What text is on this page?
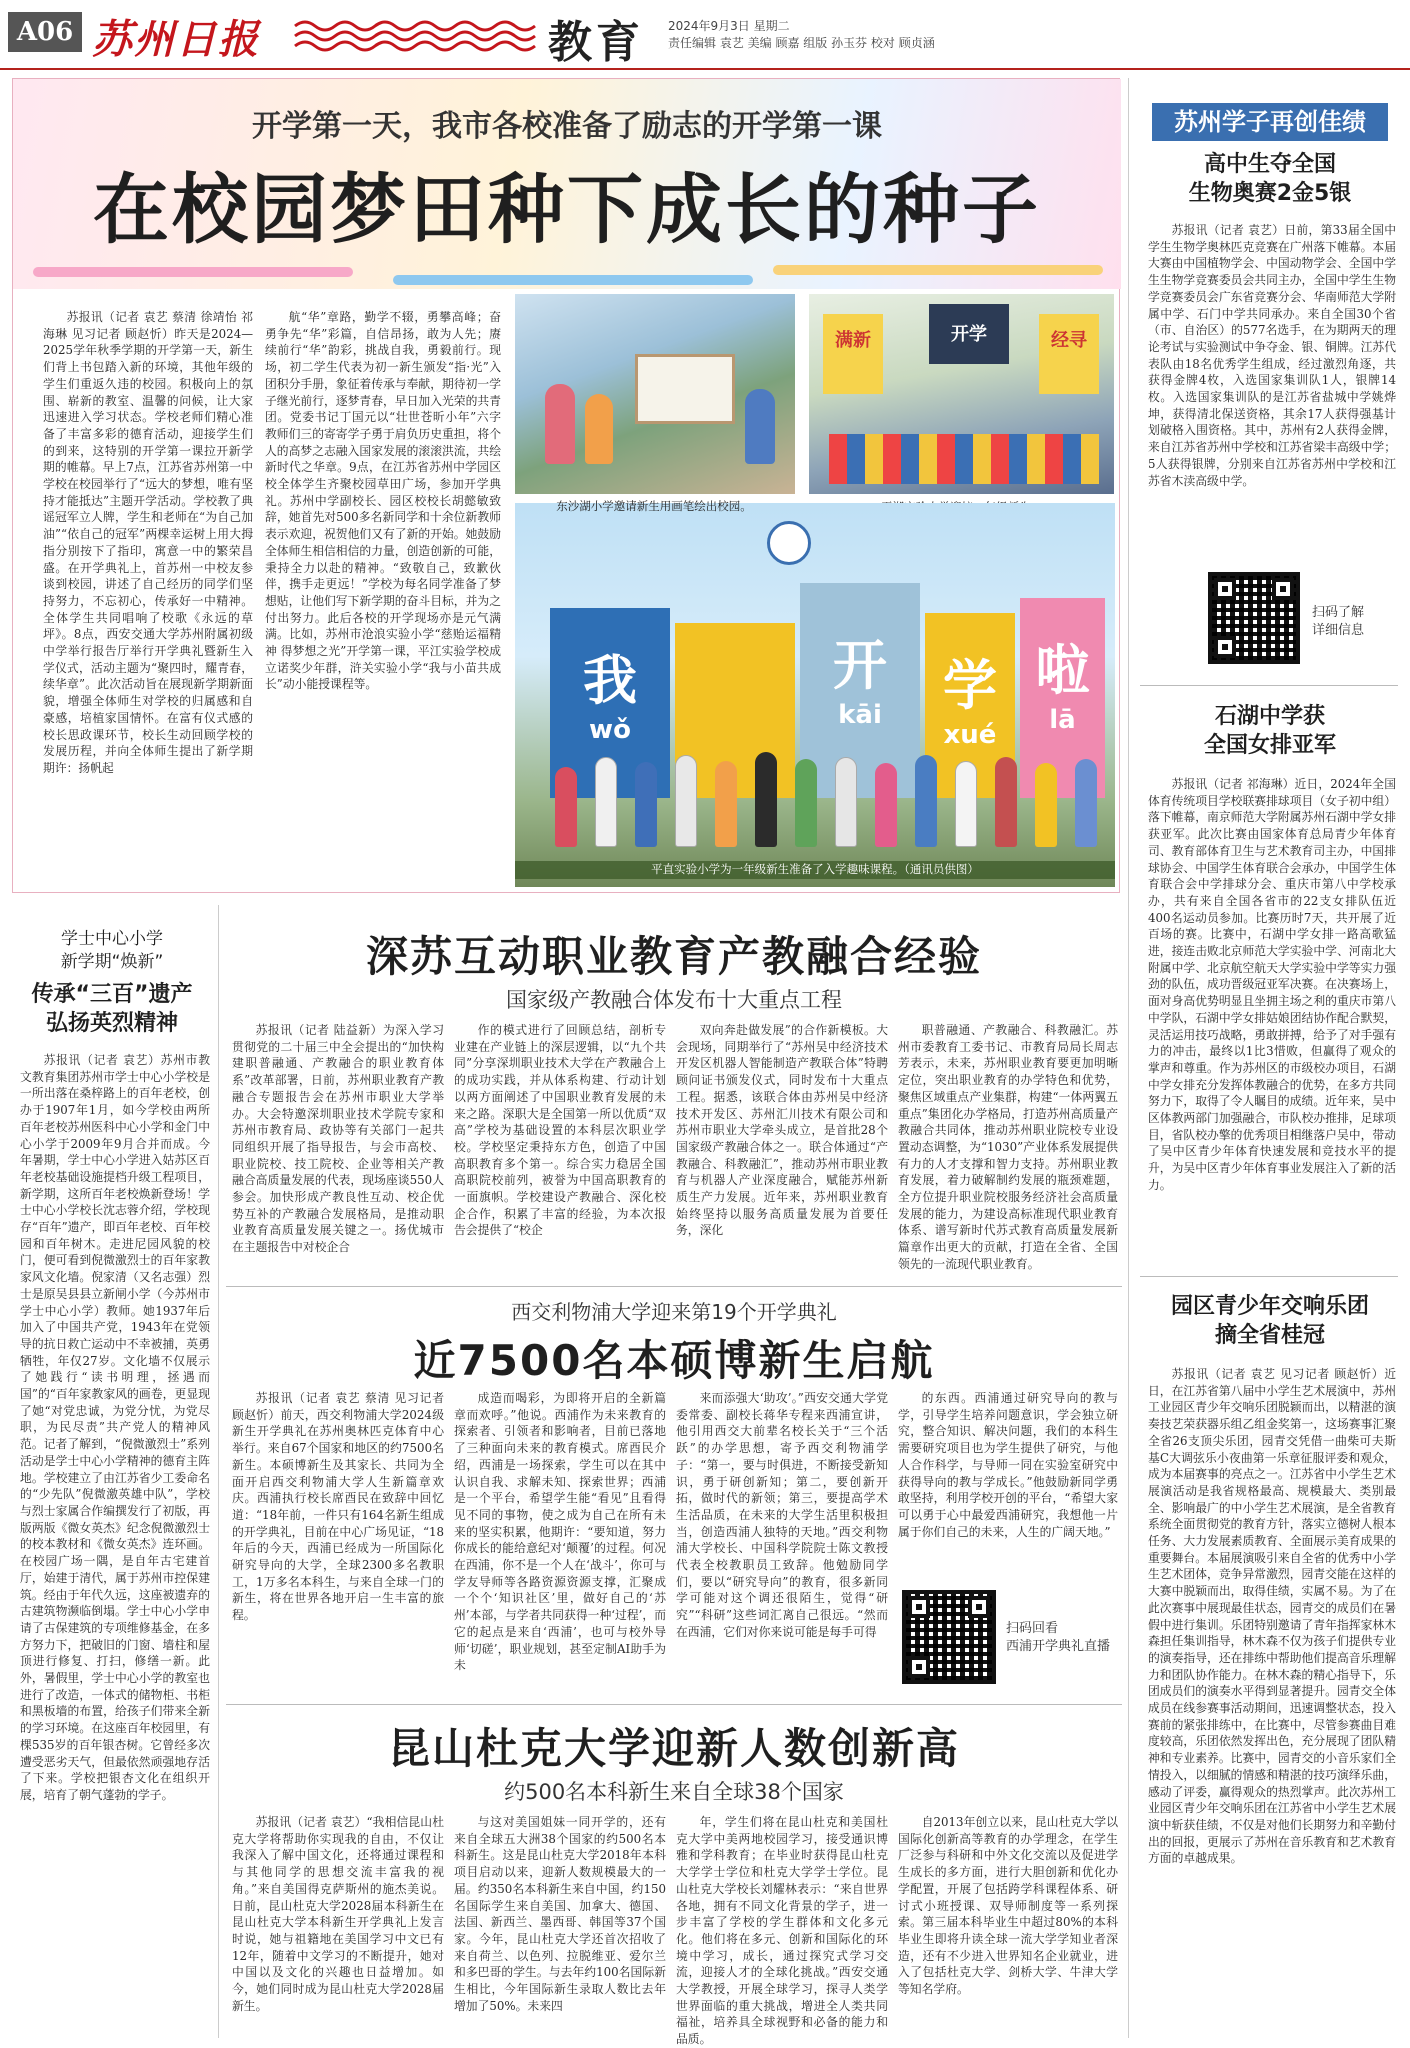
A06 苏州日报	教育 2024年9月3日 星期二
责任编辑 袁艺 美编 顾嘉 组版 孙玉芬 校对 顾贞涵
开学第一天，我市各校准备了励志的开学第一课
在校园梦田种下成长的种子

苏报讯（记者 袁艺 蔡清 徐靖怡 祁海琳 见习记者 顾赵忻）昨天是2024—2025学年秋季学期的开学第一天，新生们背上书包踏入新的环境，其他年级的学生们重返久违的校园。积极向上的氛围、崭新的教室、温馨的问候，让大家迅速进入学习状态。学校老师们精心准备了丰富多彩的德育活动，迎接学生们的到来，这特别的开学第一课拉开新学期的帷幕。早上7点，江苏省苏州第一中学校在校园举行了“远大的梦想，唯有坚持才能抵达”主题开学活动。学校教了典谣冠军立人牌，学生和老师在“为自己加油”“依自己的冠军”两棵幸运树上用大拇指分别按下了指印，寓意一中的繁荣昌盛。在开学典礼上，首苏州一中校友参谈到校园，讲述了自己经历的同学们坚持努力，不忘初心，传承好一中精神。全体学生共同唱响了校歌《永远的草坪》。8点，西安交通大学苏州附属初级中学举行报告厅举行开学典礼暨新生入学仪式，活动主题为“聚四时，耀青春，续华章”。此次活动旨在展现新学期新面貌，增强全体师生对学校的归属感和自豪感，培植家国情怀。在富有仪式感的校长思政课环节，校长生动回顾学校的发展历程，并向全体师生提出了新学期期许：扬帆起

航“华”章路，勤学不辍，勇攀高峰；奋勇争先“华”彩篇，自信昂扬，敢为人先；赓续前行“华”韵彩，挑战自我，勇毅前行。现场，初二学生代表为初一新生颁发“指·光”入团积分手册，象征着传承与奉献，期待初一学子继光前行，逐梦青春，早日加入光荣的共青团。党委书记丁国元以“壮世苍昕小年”六字教师们三的寄寄学子勇于肩负历史重担，将个人的高梦之志融入国家发展的滚滚洪流，共绘新时代之华章。9点，在江苏省苏州中学园区校全体学生齐聚校园草田广场，参加开学典礼。苏州中学副校长、园区校校长胡懿敏致辞，她首先对500多名新同学和十余位新教师表示欢迎，祝贺他们又有了新的开始。她鼓励全体师生相信相信的力量，创造创新的可能，秉持全力以赴的精神。“致敬自己，致歉伙伴，携手走更远！”学校为每名同学准备了梦想贴，让他们写下新学期的奋斗目标，并为之付出努力。此后各校的开学现场亦是元气满满。比如，苏州市沧浪实验小学“慈贻运福精神 得梦想之光”开学第一课，平江实验学校成立诺奖少年群，浒关实验小学“我与小苗共成长”动小能授课程等。

满新	开学	经寻
我
wǒ
开
kāi	学
xué
啦
lā
平直实验小学为一年级新生准备了入学趣味课程。（通讯员供图）
苏州学子再创佳绩
高中生夺全国
生物奥赛2金5银

苏报讯（记者 袁艺）日前，第33届全国中学生生物学奥林匹克竞赛在广州落下帷幕。本届大赛由中国植物学会、中国动物学会、全国中学生生物学竞赛委员会共同主办，全国中学生生物学竞赛委员会广东省竞赛分会、华南师范大学附属中学、石门中学共同承办。来自全国30个省（市、自治区）的577名选手，在为期两天的理论考试与实验测试中争夺金、银、铜牌。江苏代表队由18名优秀学生组成，经过激烈角逐，共获得金牌4枚，入选国家集训队1人，银牌14枚。入选国家集训队的是江苏省盐城中学姚烨坤，获得清北保送资格，其余17人获得强基计划破格入围资格。其中，苏州有2人获得金牌，来自江苏省苏州中学校和江苏省梁丰高级中学；5人获得银牌，分别来自江苏省苏州中学校和江苏省木渎高级中学。

扫码了解
详细信息
石湖中学获
全国女排亚军

苏报讯（记者 祁海琳）近日，2024年全国体育传统项目学校联赛排球项目（女子初中组）落下帷幕，南京师范大学附属苏州石湖中学女排获亚军。此次比赛由国家体育总局青少年体育司、教育部体育卫生与艺术教育司主办，中国排球协会、中国学生体育联合会承办，中国学生体育联合会中学排球分会、重庆市第八中学校承办，共有来自全国各省市的22支女排队伍近400名运动员参加。比赛历时7天，共开展了近百场的赛。比赛中，石湖中学女排一路高歌猛进，接连击败北京师范大学实验中学、河南北大附属中学、北京航空航天大学实验中学等实力强劲的队伍，成功晋级冠亚军决赛。在决赛场上，面对身高优势明显且坐拥主场之利的重庆市第八中学队，石湖中学女排姑娘团结协作配合默契，灵活运用技巧战略，勇敢拼搏，给予了对手强有力的冲击，最终以1比3惜败，但赢得了观众的掌声和尊重。作为苏州区的市级校办项目，石湖中学女排充分发挥体教融合的优势，在多方共同努力下，取得了令人瞩目的成绩。近年来，吴中区体教两部门加强融合，市队校办推排，足球项目，省队校办擎的优秀项目相继落户吴中，带动了吴中区青少年体育快速发展和竞技水平的提升，为吴中区青少年体育事业发展注入了新的活力。

园区青少年交响乐团
摘全省桂冠

苏报讯（记者 袁艺 见习记者 顾赵忻）近日，在江苏省第八届中小学生艺术展演中，苏州工业园区青少年交响乐团脱颖而出，以精湛的演奏技艺荣获器乐组乙组金奖第一，这场赛事汇聚全省26支顶尖乐团，园青交凭借一曲柴可夫斯基C大调弦乐小夜曲第一乐章征服评委和观众，成为本届赛事的亮点之一。江苏省中小学生艺术展演活动是我省规格最高、规模最大、类别最全、影响最广的中小学生艺术展演，是全省教育系统全面贯彻党的教育方针，落实立德树人根本任务、大力发展素质教育、全面展示美育成果的重要舞台。本届展演吸引来自全省的优秀中小学生艺术团体，竞争异常激烈，园青交能在这样的大赛中脱颖而出，取得佳绩，实属不易。为了在此次赛事中展现最佳状态，园青交的成员们在暑假中进行集训。乐团特别邀请了青年指挥家林木森担任集训指导，林木森不仅为孩子们提供专业的演奏指导，还在排练中帮助他们提高音乐理解力和团队协作能力。在林木森的精心指导下，乐团成员们的演奏水平得到显著提升。园青交全体成员在线参赛事活动期间，迅速调整状态，投入赛前的紧张排练中，在比赛中，尽管参赛曲目难度较高，乐团依然发挥出色，充分展现了团队精神和专业素养。比赛中，园青交的小音乐家们全情投入，以细腻的情感和精湛的技巧演绎乐曲，感动了评委，赢得观众的热烈掌声。此次苏州工业园区青少年交响乐团在江苏省中小学生艺术展演中斩获佳绩，不仅是对他们长期努力和辛勤付出的回报，更展示了苏州在音乐教育和艺术教育方面的卓越成果。

学士中心小学
新学期“焕新”
传承“三百”遗产
弘扬英烈精神

苏报讯（记者 袁艺）苏州市教文教育集团苏州市学士中心小学校是一所出落在桑梓路上的百年老校，创办于1907年1月，如今学校由两所百年老校苏州医科中心小学和金门中心小学于2009年9月合并而成。今年暑期，学士中心小学进入姑苏区百年老校基础设施提档升级工程项目，新学期，这所百年老校焕新登场！学士中心小学校长沈志蓉介绍，学校现存“百年”遗产，即百年老校、百年校园和百年树木。走进尼园风貌的校门，便可看到倪微激烈士的百年家教家风文化墙。倪家清（又名志强）烈士是原吴县县立新闸小学（今苏州市学士中心小学）教师。她1937年后加入了中国共产党，1943年在党领导的抗日救亡运动中不幸被捕，英勇牺牲，年仅27岁。文化墙不仅展示了她践行“读书明理，拯遇而国”的“百年家教家风的画卷，更显现了她“对党忠诚，为党分忧，为党尽职，为民尽责”共产党人的精神风范。记者了解到，“倪微激烈士”系列活动是学士中心小学精神的德育主阵地。学校建立了由江苏省少工委命名的“少先队”倪微激英雄中队”，学校与烈士家属合作编撰发行了初版，再版两版《微女英杰》纪念倪微激烈士的校本教材和《微女英杰》连环画。在校园广场一隅，是自年古宅建首厅，始建于清代，属于苏州市控保建筑。经由于年代久远，这座被遗弃的古建筑物濒临倒塌。学士中心小学申请了古保建筑的专项维修基金，在多方努力下，把破旧的门窗、墙柱和屋顶进行修复、打扫，修缮一新。此外，暑假里，学士中心小学的教室也进行了改造，一体式的储物柜、书柜和黑板墙的布置，给孩子们带来全新的学习环境。在这座百年校园里，有棵535岁的百年银杏树。它曾经多次遭受恶劣天气，但最依然顽强地存活了下来。学校把银杏文化在组织开展，培育了朝气蓬勃的学子。

深苏互动职业教育产教融合经验
国家级产教融合体发布十大重点工程

苏报讯（记者 陆益新）为深入学习贯彻党的二十届三中全会提出的“加快构建职普融通、产教融合的职业教育体系”改革部署，日前，苏州职业教育产教融合专题报告会在苏州市职业大学举办。大会特邀深圳职业技术学院专家和苏州市教育局、政协等有关部门一起共同组织开展了指导报告，与会市高校、职业院校、技工院校、企业等相关产教融合高质量发展的代表，现场座谈550人参会。加快形成产教良性互动、校企优势互补的产教融合发展格局，是推动职业教育高质量发展关键之一。扬优城市在主题报告中对校企合

作的模式进行了回顾总结，剖析专业建在产业链上的深层逻辑，以“九个共同”分享深圳职业技术大学在产教融合上的成功实践，并从体系构建、行动计划以两方面阐述了中国职业教育发展的未来之路。深职大是全国第一所以优质“双高”学校为基础设置的本科层次职业学校。学校坚定秉持东方色，创造了中国高职教育多个第一。综合实力稳居全国高职院校前列，被誉为中国高职教育的一面旗帜。学校建设产教融合、深化校企合作，积累了丰富的经验，为本次报告会提供了“校企

双向奔赴做发展”的合作新模板。大会现场，同期举行了“苏州吴中经济技术开发区机器人智能制造产教联合体”特聘顾问证书颁发仪式，同时发布十大重点工程。据悉，该联合体由苏州吴中经济技术开发区、苏州汇川技术有限公司和苏州市职业大学牵头成立，是首批28个国家级产教融合体之一。联合体通过“产教融合、科教融汇”，推动苏州市职业教育与机器人产业深度融合，赋能苏州新质生产力发展。近年来，苏州职业教育始终坚持以服务高质量发展为首要任务，深化

职普融通、产教融合、科教融汇。苏州市委教育工委书记、市教育局局长周志芳表示，未来，苏州职业教育要更加明晰定位，突出职业教育的办学特色和优势，聚焦区域重点产业集群，构建“一体两翼五重点”集团化办学格局，打造苏州高质量产教融合共同体，推动苏州职业院校专业设置动态调整，为“1030”产业体系发展提供有力的人才支撑和智力支持。苏州职业教育发展，着力破解制约发展的瓶颈难题，全方位提升职业院校服务经济社会高质量发展的能力，为建设高标准现代职业教育体系、谱写新时代苏式教育高质量发展新篇章作出更大的贡献，打造在全省、全国领先的一流现代职业教育。

西交利物浦大学迎来第19个开学典礼
近7500名本硕博新生启航

苏报讯（记者 袁艺 蔡清 见习记者 顾赵忻）前天，西交利物浦大学2024级新生开学典礼在苏州奥林匹克体育中心举行。来自67个国家和地区的约7500名新生。本硕博新生及其家长、共同为全面开启西交利物浦大学人生新篇章欢庆。西浦执行校长席酉民在致辞中回忆道：“18年前，一件只有164名新生组成的开学典礼，目前在中心广场见证，“18年后的今天，西浦已经成为一所国际化研究导向的大学，全球2300多名教职工，1万多名本科生，与来自全球一门的新生，将在世界各地开启一生丰富的旅程。

成造而喝彩，为即将开启的全新篇章而欢呼。”他说。西浦作为未来教育的探索者、引领者和影响者，目前已落地了三种面向未来的教育模式。席酉民介绍，西浦是一场探索，学生可以在其中认识自我、求解未知、探索世界；西浦是一个平台，希望学生能“看见”且看得见不同的事物，使之成为自己在所有未来的坚实积累，他期许：“要知道，努力你成长的能给意纪对‘颠覆’的过程。何况在西浦，你不是一个人在‘战斗’，你可与学友导师等各路资源资源支撑，汇聚成一个个‘知识社区’里，做好自己的‘苏州’本部，与学者共同获得一种‘过程’，而它的起点是来自‘西浦’，也可与校外导师‘切磋’，职业规划，甚至定制AI助手为未

来而添强大‘助攻’。”西安交通大学党委常委、副校长蒋华专程来西浦宣讲，他引用西交大前辈名校长关于“三个活跃”的办学思想，寄予西交利物浦学子：“第一，要与时俱进，不断接受新知识，勇于研创新知；第二，要创新开拓，做时代的新领；第三，要提高学术生活品质，在未来的大学生活里积极担当，创造西浦人独特的天地。”西交利物浦大学校长、中国科学院院士陈文教授代表全校教职员工致辞。他勉励同学们，要以“研究导向”的教育，很多新同学可能对这个调还很陌生，觉得“研究”“科研”这些词汇离自己很远。“然而在西浦，它们对你来说可能是每手可得

的东西。西浦通过研究导向的教与学，引导学生培养问题意识，学会独立研究，整合知识、解决问题，我们的本科生需要研究项目也为学生提供了研究，与他人合作科学，与导师一同在实验室研究中获得导向的教与学成长。”他鼓励新同学勇敢坚持，利用学校开创的平台，“希望大家可以勇于心中最爱西浦研究，我想他一片属于你们自己的未来，人生的广阔天地。”

扫码回看
西浦开学典礼直播
昆山杜克大学迎新人数创新高
约500名本科新生来自全球38个国家

苏报讯（记者 袁艺）“我相信昆山杜克大学将帮助你实现我的自由，不仅让我深入了解中国文化，还将通过课程和与其他同学的思想交流丰富我的视角。”来自美国得克萨斯州的施杰美说。日前，昆山杜克大学2028届本科新生在昆山杜克大学本科新生开学典礼上发言时说，她与祖籍地在美国学习中文已有12年，随着中文学习的不断提升，她对中国以及文化的兴趣也日益增加。如今，她们同时成为昆山杜克大学2028届新生。

与这对美国姐妹一同开学的，还有来自全球五大洲38个国家的约500名本科新生。这是昆山杜克大学2018年本科项目启动以来，迎新人数规模最大的一届。约350名本科新生来自中国，约150名国际学生来自美国、加拿大、德国、法国、新西兰、墨西哥、韩国等37个国家。今年，昆山杜克大学还首次招收了来自荷兰、以色列、拉脱维亚、爱尔兰和多巴哥的学生。与去年约100名国际新生相比，今年国际新生录取人数比去年增加了50%。未来四

年，学生们将在昆山杜克和美国杜克大学中美两地校园学习，接受通识博雅和学科教育；在毕业时获得昆山杜克大学学士学位和杜克大学学士学位。昆山杜克大学校长刘耀林表示：“来自世界各地，拥有不同文化背景的学子，进一步丰富了学校的学生群体和文化多元化。他们将在多元、创新和国际化的环境中学习，成长，通过探究式学习交流，迎接人才的全球化挑战。”西安交通大学教授，开展全球学习，探寻人类学世界面临的重大挑战，增进全人类共同福祉，培养具全球视野和必备的能力和品质。

自2013年创立以来，昆山杜克大学以国际化创新高等教育的办学理念，在学生厂泛参与科研和中外文化交流以及促进学生成长的多方面，进行大胆创新和优化办学配置，开展了包括跨学科课程体系、研讨式小班授课、双导师制度等一系列探索。第三届本科毕业生中超过80%的本科毕业生即将升读全球一流大学学知业者深造，还有不少进入世界知名企业就业，进入了包括杜克大学、剑桥大学、牛津大学等知名学府。

东沙湖小学邀请新生用画笔绘出校园。
